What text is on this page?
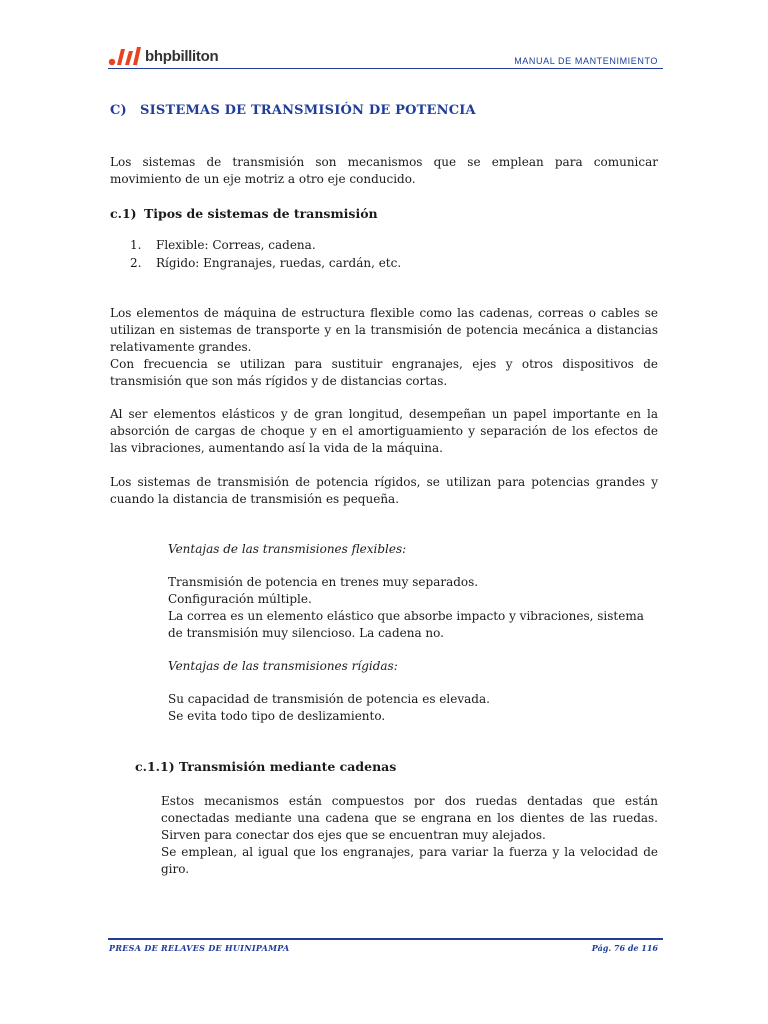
bhpbilliton	MANUAL DE MANTENIMIENTO
C) SISTEMAS DE TRANSMISIÓN DE POTENCIA

Los sistemas de transmisión son mecanismos que se emplean para comunicar
movimiento de un eje motriz a otro eje conducido.

c.1) Tipos de sistemas de transmisión
1. Flexible: Correas, cadena.
2. Rígido: Engranajes, ruedas, cardán, etc.

Los elementos de máquina de estructura flexible como las cadenas, correas o cables se
utilizan en sistemas de transporte y en la transmisión de potencia mecánica a distancias
relativamente grandes.
Con frecuencia se utilizan para sustituir engranajes, ejes y otros dispositivos de
transmisión que son más rígidos y de distancias cortas.

Al ser elementos elásticos y de gran longitud, desempeñan un papel importante en la
absorción de cargas de choque y en el amortiguamiento y separación de los efectos de
las vibraciones, aumentando así la vida de la máquina.

Los sistemas de transmisión de potencia rígidos, se utilizan para potencias grandes y
cuando la distancia de transmisión es pequeña.

Ventajas de las transmisiones flexibles:
Transmisión de potencia en trenes muy separados.
Configuración múltiple.
La correa es un elemento elástico que absorbe impacto y vibraciones, sistema
de transmisión muy silencioso. La cadena no.
Ventajas de las transmisiones rígidas:
Su capacidad de transmisión de potencia es elevada.
Se evita todo tipo de deslizamiento.
c.1.1) Transmisión mediante cadenas

Estos mecanismos están compuestos por dos ruedas dentadas que están
conectadas mediante una cadena que se engrana en los dientes de las ruedas.
Sirven para conectar dos ejes que se encuentran muy alejados.
Se emplean, al igual que los engranajes, para variar la fuerza y la velocidad de
giro.

PRESA DE RELAVES DE HUINIPAMPA	Pág. 76 de 116
